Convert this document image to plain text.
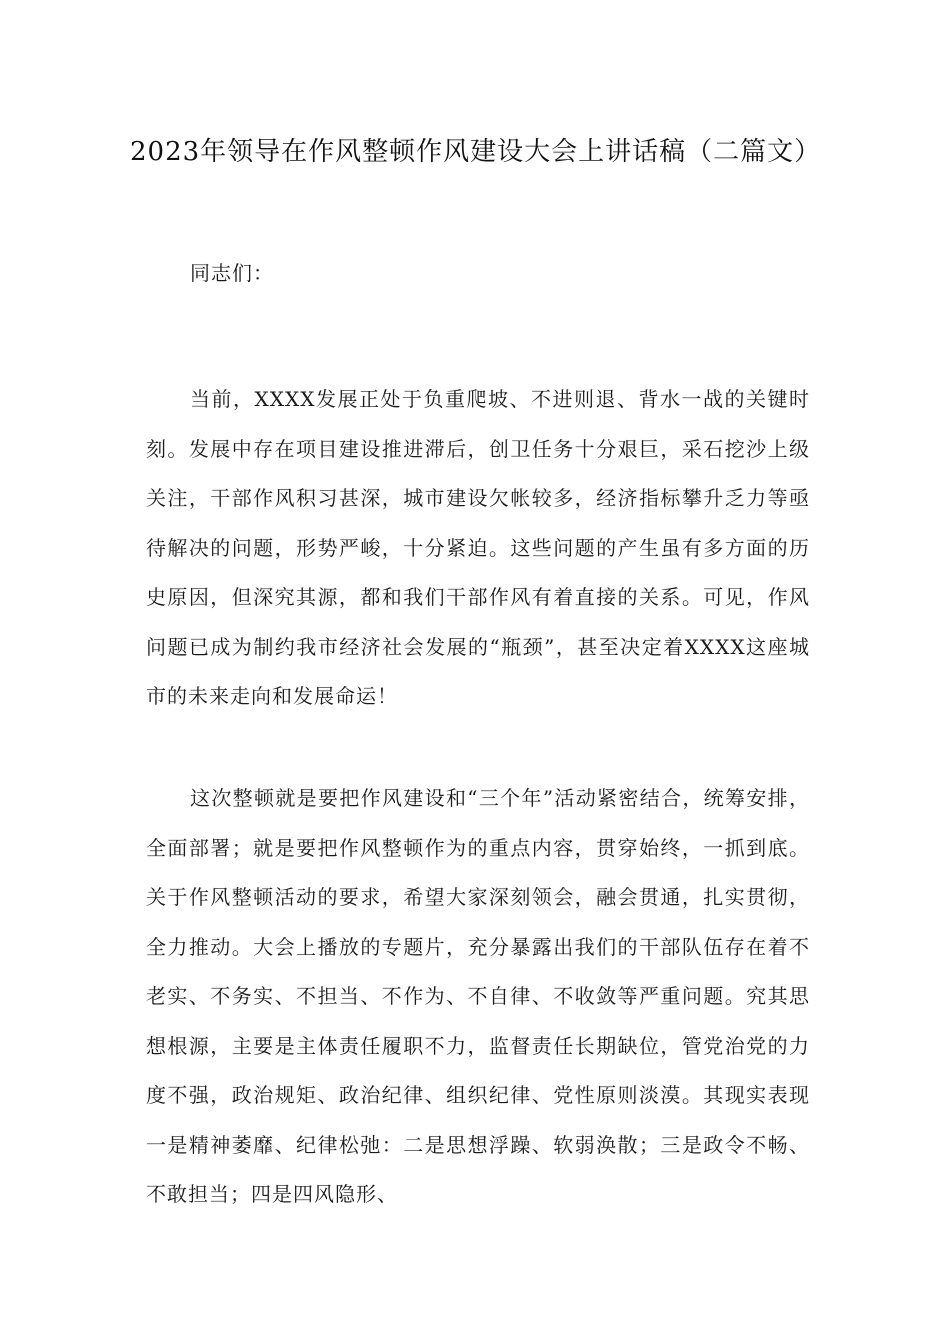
2023年领导在作风整顿作风建设大会上讲话稿（二篇文）
同志们：
当前，XXXX发展正处于负重爬坡、不进则退、背水一战的关键时刻。发展中存在项目建设推进滞后，创卫任务十分艰巨，采石挖沙上级关注，干部作风积习甚深，城市建设欠帐较多，经济指标攀升乏力等亟待解决的问题，形势严峻，十分紧迫。这些问题的产生虽有多方面的历史原因，但深究其源，都和我们干部作风有着直接的关系。可见，作风问题已成为制约我市经济社会发展的“瓶颈”，甚至决定着XXXX这座城市的未来走向和发展命运！
这次整顿就是要把作风建设和“三个年”活动紧密结合，统筹安排，全面部署；就是要把作风整顿作为的重点内容，贯穿始终，一抓到底。关于作风整顿活动的要求，希望大家深刻领会，融会贯通，扎实贯彻，全力推动。大会上播放的专题片，充分暴露出我们的干部队伍存在着不老实、不务实、不担当、不作为、不自律、不收敛等严重问题。究其思想根源，主要是主体责任履职不力，监督责任长期缺位，管党治党的力度不强，政治规矩、政治纪律、组织纪律、党性原则淡漠。其现实表现一是精神萎靡、纪律松弛：二是思想浮躁、软弱涣散；三是政令不畅、不敢担当；四是四风隐形、
